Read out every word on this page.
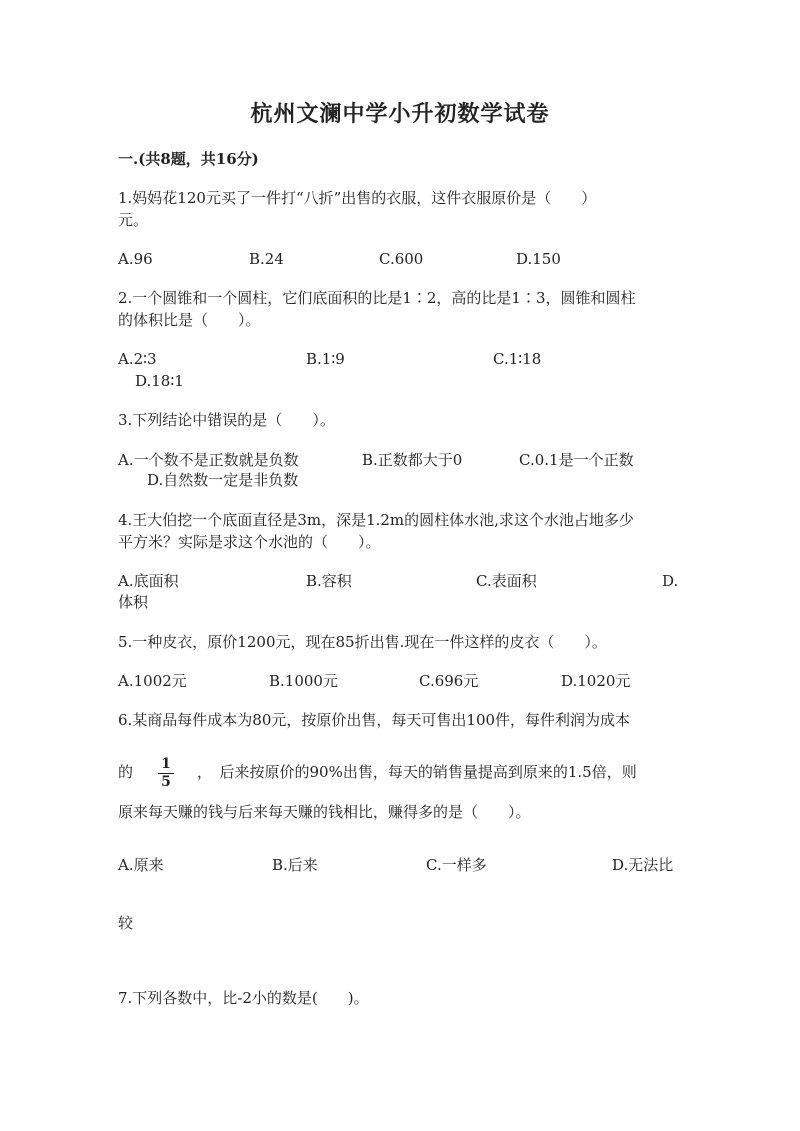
杭州文澜中学小升初数学试卷
一.(共8题，共16分)
1.妈妈花120元买了一件打“八折”出售的衣服，这件衣服原价是（　　）
元。
A.96	B.24	C.600	D.150
2.一个圆锥和一个圆柱，它们底面积的比是1∶2，高的比是1∶3，圆锥和圆柱
的体积比是（　　）。
A.2∶3	B.1∶9	C.1∶18
D.18∶1
3.下列结论中错误的是（　　）。
A.一个数不是正数就是负数	B.正数都大于0	C.0.1是一个正数
D.自然数一定是非负数
4.王大伯挖一个底面直径是3m，深是1.2m的圆柱体水池,求这个水池占地多少
平方米？实际是求这个水池的（　　）。
A.底面积	B.容积	C.表面积	D.
体积
5.一种皮衣，原价1200元，现在85折出售.现在一件这样的皮衣（　　）。
A.1002元	B.1000元	C.696元	D.1020元
6.某商品每件成本为80元，按原价出售，每天可售出100件，每件利润为成本
的 1
5
，　后来按原价的90%出售，每天的销售量提高到原来的1.5倍，则
原来每天赚的钱与后来每天赚的钱相比，赚得多的是（　　）。
A.原来	B.后来	C.一样多	D.无法比
较
7.下列各数中，比-2小的数是(　　)。
